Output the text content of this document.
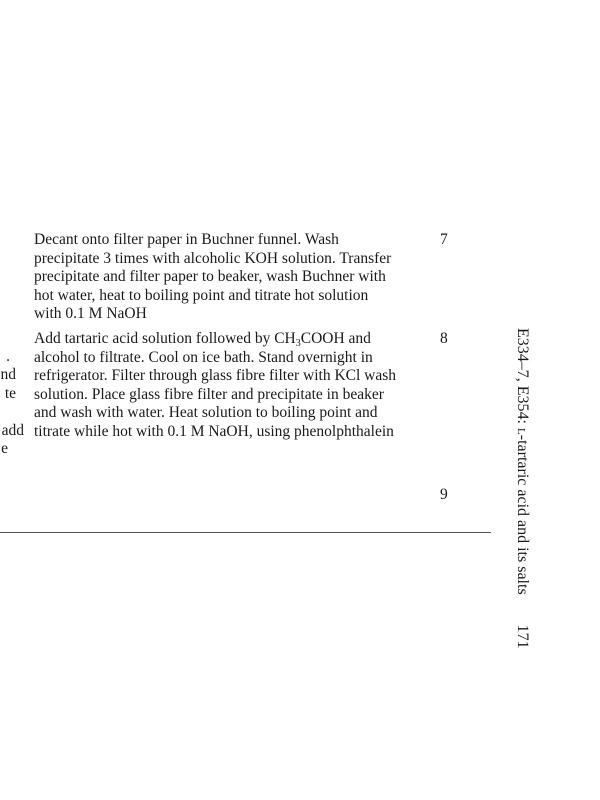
.
nd
te
add
e
Decant onto filter paper in Buchner funnel. Wash
precipitate 3 times with alcoholic KOH solution. Transfer
precipitate and filter paper to beaker, wash Buchner with
hot water, heat to boiling point and titrate hot solution
with 0.1 M NaOH
7
Add tartaric acid solution followed by $CH_3COOH$ and
alcohol to filtrate. Cool on ice bath. Stand overnight in
refrigerator. Filter through glass fibre filter with KCl wash
solution. Place glass fibre filter and precipitate in beaker
and wash with water. Heat solution to boiling point and
titrate while hot with 0.1 M NaOH, using phenolphthalein
8
9
E334–7, E354: l-tartaric acid and its salts171
